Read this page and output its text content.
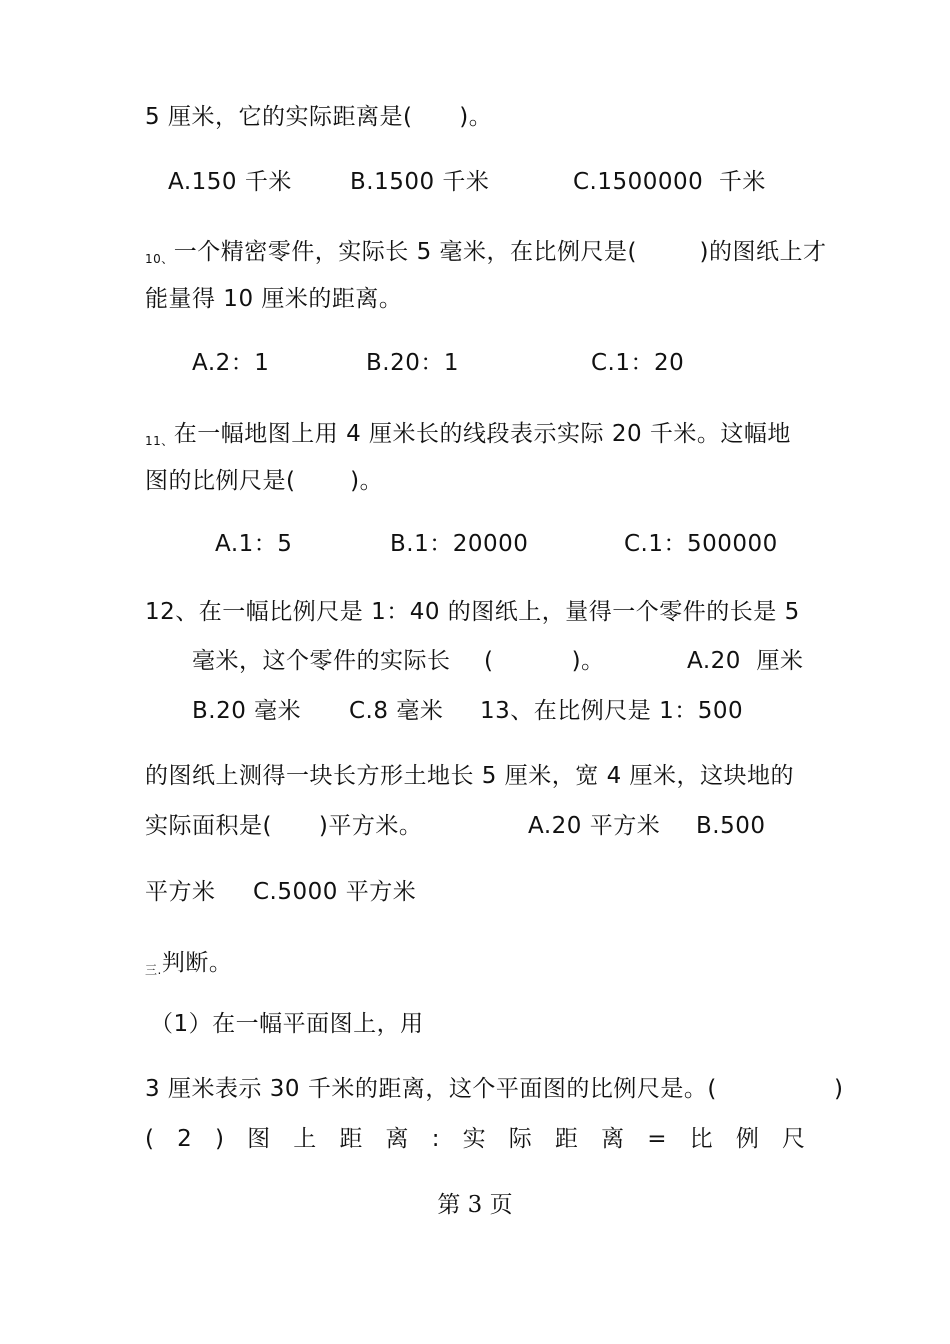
5 厘米，它的实际距离是(      )。
A.150 千米	B.1500 千米	C.1500000  千米
10、一个精密零件，实际长 5 毫米，在比例尺是(        )的图纸上才
能量得 10 厘米的距离。
A.2：1	B.20：1	C.1：20
11、在一幅地图上用 4 厘米长的线段表示实际 20 千米。这幅地
图的比例尺是(       )。
A.1：5	B.1：20000	C.1：500000
12、在一幅比例尺是 1：40 的图纸上，量得一个零件的长是 5
毫米，这个零件的实际长 (          )。	A.20  厘米
B.20 毫米 C.8 毫米 13、在比例尺是 1：500
的图纸上测得一块长方形土地长 5 厘米，宽 4 厘米，这块地的
实际面积是(      )平方米。	A.20 平方米 B.500
平方米 C.5000 平方米
三.判断。
（1）在一幅平面图上，用
3 厘米表示 30 千米的距离，这个平面图的比例尺是。(               )
( 2 ) 图 上 距 离 : 实 际 距 离 = 比 例 尺
第 3 页
